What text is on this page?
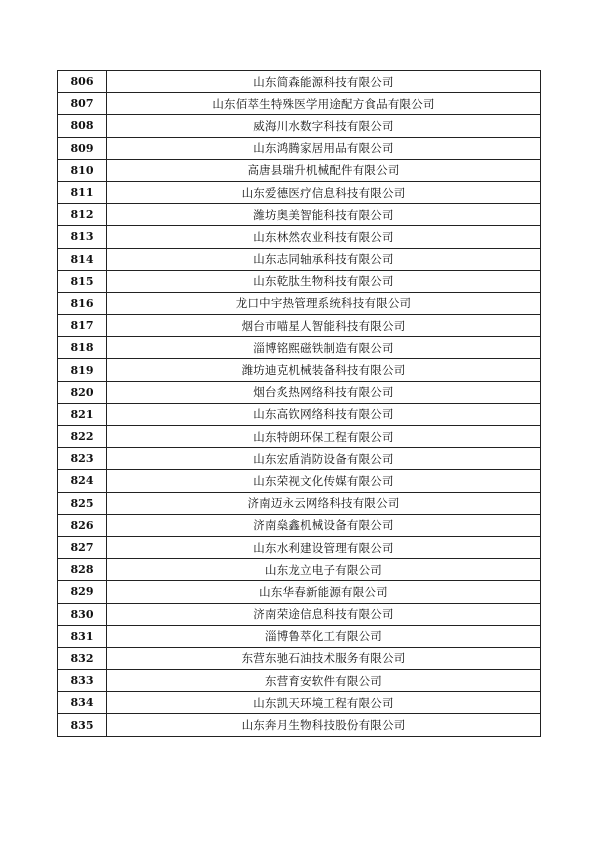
806	山东简森能源科技有限公司
807	山东佰萃生特殊医学用途配方食品有限公司
808	威海川水数字科技有限公司
809	山东鸿腾家居用品有限公司
810	高唐县瑞升机械配件有限公司
811	山东爱德医疗信息科技有限公司
812	潍坊奥美智能科技有限公司
813	山东林然农业科技有限公司
814	山东志同轴承科技有限公司
815	山东乾肽生物科技有限公司
816	龙口中宇热管理系统科技有限公司
817	烟台市喵星人智能科技有限公司
818	淄博铭熙磁铁制造有限公司
819	潍坊迪克机械装备科技有限公司
820	烟台炙热网络科技有限公司
821	山东高钦网络科技有限公司
822	山东特朗环保工程有限公司
823	山东宏盾消防设备有限公司
824	山东荣视文化传媒有限公司
825	济南迈永云网络科技有限公司
826	济南燊鑫机械设备有限公司
827	山东水利建设管理有限公司
828	山东龙立电子有限公司
829	山东华春新能源有限公司
830	济南荣途信息科技有限公司
831	淄博鲁萃化工有限公司
832	东营东驰石油技术服务有限公司
833	东营育安软件有限公司
834	山东凯天环境工程有限公司
835	山东奔月生物科技股份有限公司
